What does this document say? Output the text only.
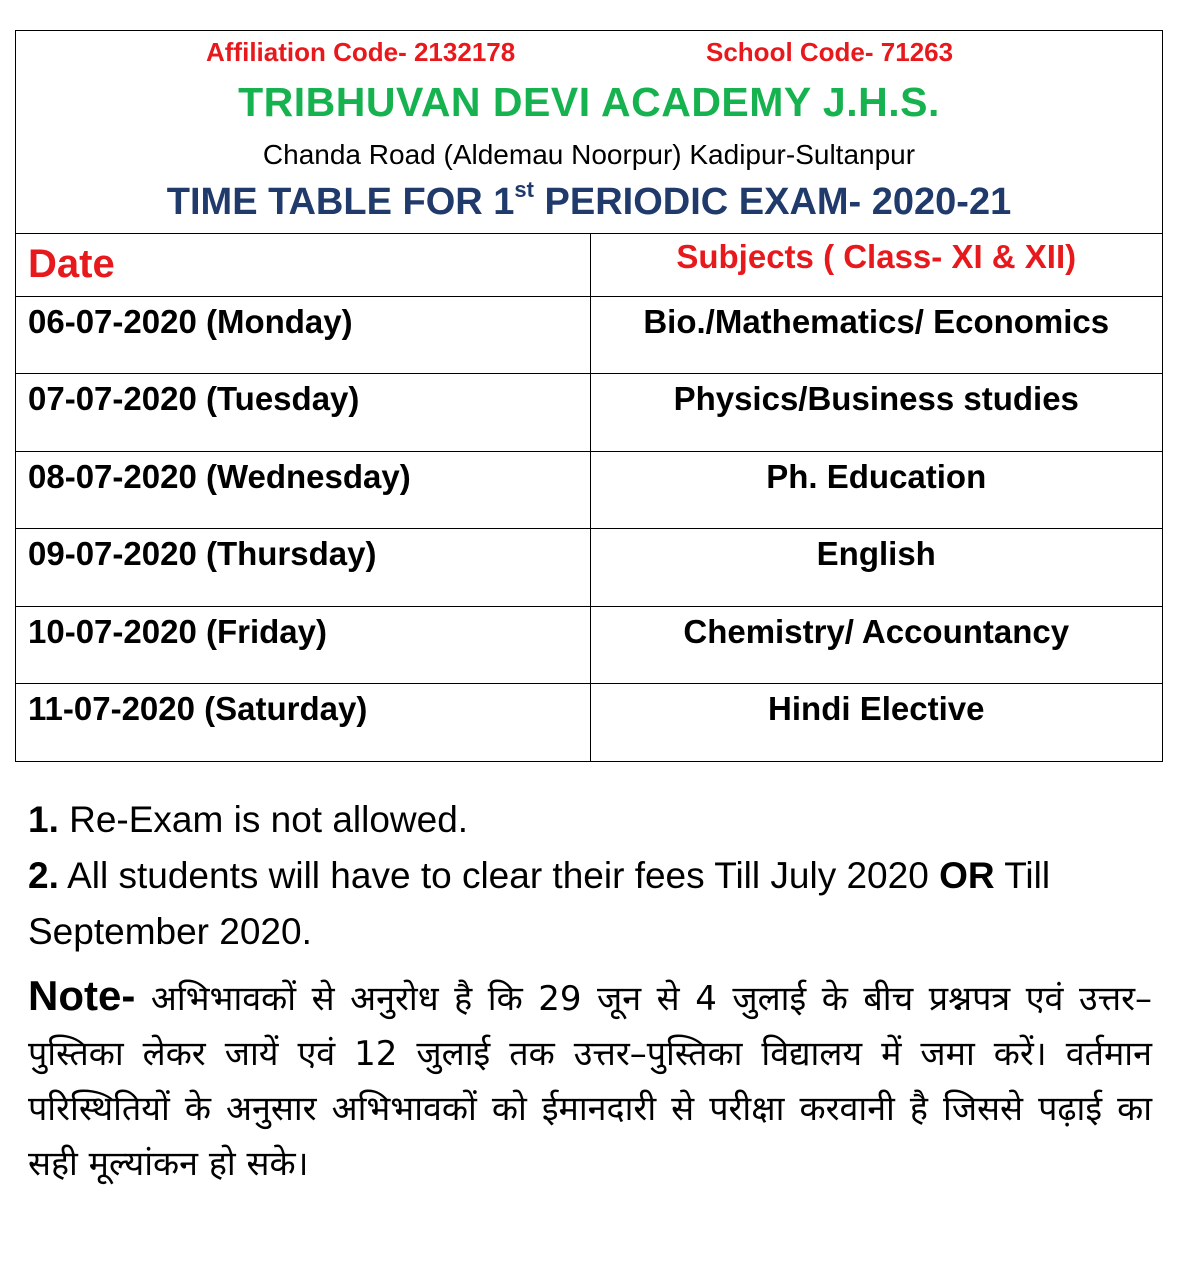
Affiliation Code- 2132178	School Code- 71263
TRIBHUVAN DEVI ACADEMY J.H.S.
Chanda Road (Aldemau Noorpur) Kadipur-Sultanpur
TIME TABLE FOR 1st PERIODIC EXAM- 2020-21
Date	Subjects ( Class- XI & XII)

06-07-2020 (Monday)	Bio./Mathematics/ Economics

07-07-2020 (Tuesday)	Physics/Business studies

08-07-2020 (Wednesday)	Ph. Education

09-07-2020 (Thursday)	English

10-07-2020 (Friday)	Chemistry/ Accountancy

11-07-2020 (Saturday)	Hindi Elective

1. Re-Exam is not allowed.

2. All students will have to clear their fees Till July 2020 OR Till September 2020.

Note- अभिभावकों से अनुरोध है कि 29 जून से 4 जुलाई के बीच प्रश्नपत्र एवं उत्तर–पुस्तिका लेकर जायें एवं 12 जुलाई तक उत्तर–पुस्तिका विद्यालय में जमा करें। वर्तमान परिस्थितियों के अनुसार अभिभावकों को ईमानदारी से परीक्षा करवानी है जिससे पढ़ाई का सही मूल्यांकन हो सके।
